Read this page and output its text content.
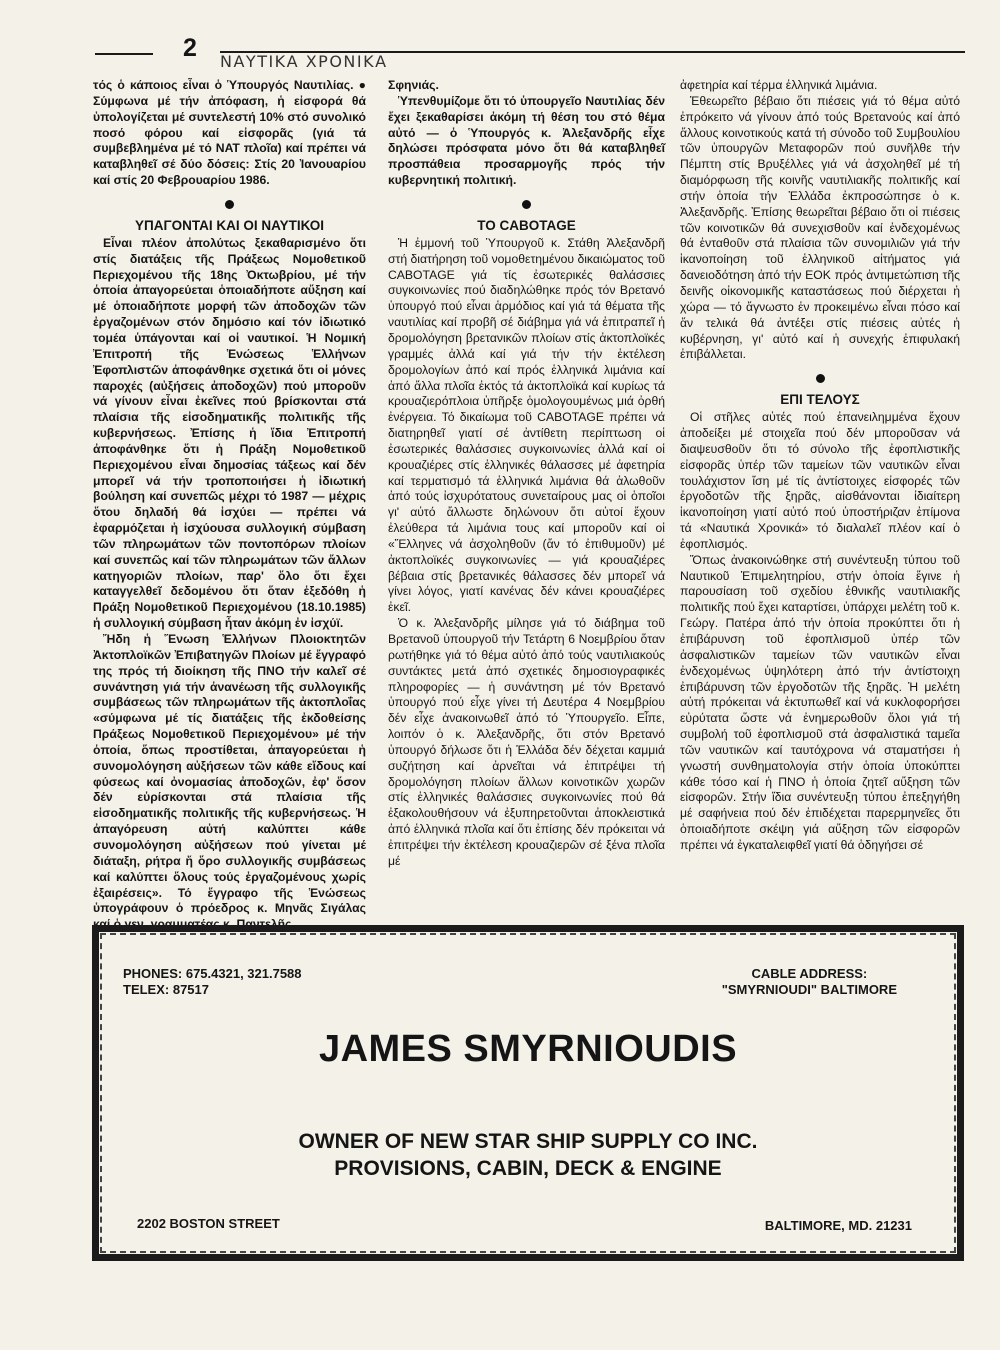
2 ΝΑΥΤΙΚΑ ΧΡΟΝΙΚΑ

τός ὁ κάποιος εἶναι ὁ Ὑπουργός Ναυτιλίας. ● Σύμφωνα μέ τήν ἀπόφαση, ἡ εἰσφορά θά ὑπολογίζεται μέ συντελεστή 10% στό συνολικό ποσό φόρου καί εἰσφορᾶς (γιά τά συμβεβλημένα μέ τό ΝΑΤ πλοῖα) καί πρέπει νά καταβληθεῖ σέ δύο δόσεις: Στίς 20 Ἰανουαρίου καί στίς 20 Φεβρουαρίου 1986.

ΥΠΑΓΟΝΤΑΙ ΚΑΙ ΟΙ ΝΑΥΤΙΚΟΙ

Εἶναι πλέον ἀπολύτως ξεκαθαρισμένο ὅτι στίς διατάξεις τῆς Πράξεως Νομοθετικοῦ Περιεχομένου τῆς 18ης Ὀκτωβρίου, μέ τήν ὁποία ἀπαγορεύεται ὁποιαδήποτε αὔξηση καί μέ ὁποιαδήποτε μορφή τῶν ἀποδοχῶν τῶν ἐργαζομένων στόν δημόσιο καί τόν ἰδιωτικό τομέα ὑπάγονται καί οἱ ναυτικοί. Ἡ Νομική Ἐπιτροπή τῆς Ἑνώσεως Ἑλλήνων Ἐφοπλιστῶν ἀποφάνθηκε σχετικά ὅτι οἱ μόνες παροχές (αὐξήσεις ἀποδοχῶν) πού μποροῦν νά γίνουν εἶναι ἐκεῖνες πού βρίσκονται στά πλαίσια τῆς εἰσοδηματικῆς πολιτικῆς τῆς κυβερνήσεως. Ἐπίσης ἡ ἴδια Ἐπιτροπή ἀποφάνθηκε ὅτι ἡ Πράξη Νομοθετικοῦ Περιεχομένου εἶναι δημοσίας τάξεως καί δέν μπορεῖ νά τήν τροποποιήσει ἡ ἰδιωτική βούληση καί συνεπῶς μέχρι τό 1987 — μέχρις ὅτου δηλαδή θά ἰσχύει — πρέπει νά ἐφαρμόζεται ἡ ἰσχύουσα συλλογική σύμβαση τῶν πληρωμάτων τῶν ποντοπόρων πλοίων καί συνεπῶς καί τῶν πληρωμάτων τῶν ἄλλων κατηγοριῶν πλοίων, παρ' ὅλο ὅτι ἔχει καταγγελθεῖ δεδομένου ὅτι ὅταν ἐξεδόθη ἡ Πράξη Νομοθετικοῦ Περιεχομένου (18.10.1985) ἡ συλλογική σύμβαση ἦταν ἀκόμη ἐν ἰσχύϊ.

Ἤδη ἡ Ἕνωση Ἑλλήνων Πλοιοκτητῶν Ἀκτοπλοϊκῶν Ἐπιβατηγῶν Πλοίων μέ ἔγγραφό της πρός τή διοίκηση τῆς ΠΝΟ τήν καλεῖ σέ συνάντηση γιά τήν ἀνανέωση τῆς συλλογικῆς συμβάσεως τῶν πληρωμάτων τῆς ἀκτοπλοΐας «σύμφωνα μέ τίς διατάξεις τῆς ἐκδοθείσης Πράξεως Νομοθετικοῦ Περιεχομένου» μέ τήν ὁποία, ὅπως προστίθεται, ἀπαγορεύεται ἡ συνομολόγηση αὐξήσεων τῶν κάθε εἴδους καί φύσεως καί ὀνομασίας ἀποδοχῶν, ἐφ' ὅσον δέν εὑρίσκονται στά πλαίσια τῆς εἰσοδηματικῆς πολιτικῆς τῆς κυβερνήσεως. Ἡ ἀπαγόρευση αὐτή καλύπτει κάθε συνομολόγηση αὐξήσεων πού γίνεται μέ διάταξη, ρήτρα ἤ ὅρο συλλογικῆς συμβάσεως καί καλύπτει ὅλους τούς ἐργαζομένους χωρίς ἐξαιρέσεις». Τό ἔγγραφο τῆς Ἑνώσεως ὑπογράφουν ὁ πρόεδρος κ. Μηνᾶς Σιγάλας

Σφηνιάς.

Ὑπενθυμίζομε ὅτι τό ὑπουργεῖο Ναυτιλίας δέν ἔχει ξεκαθαρίσει ἀκόμη τή θέση του στό θέμα αὐτό — ὁ Ὑπουργός κ. Ἀλεξανδρῆς εἶχε δηλώσει πρόσφατα μόνο ὅτι θά καταβληθεῖ προσπάθεια προσαρμογῆς πρός τήν κυβερνητική πολιτική.

ΤΟ CABOTAGE

Ἡ ἐμμονή τοῦ Ὑπουργοῦ κ. Στάθη Ἀλεξανδρῆ στή διατήρηση τοῦ νομοθετημένου δικαιώματος τοῦ CABOTAGE γιά τίς ἐσωτερικές θαλάσσιες συγκοινωνίες πού διαδηλώθηκε πρός τόν Βρετανό ὑπουργό πού εἶναι ἁρμόδιος καί γιά τά θέματα τῆς ναυτιλίας καί προβῆ σέ διάβημα γιά νά ἐπιτραπεῖ ἡ δρομολόγηση βρετανικῶν πλοίων στίς ἀκτοπλοϊκές γραμμές ἀλλά καί γιά τήν τήν ἐκτέλεση δρομολογίων ἀπό καί πρός ἑλληνικά λιμάνια καί ἀπό ἄλλα πλοῖα ἐκτός τά ἀκτοπλοϊκά καί κυρίως τά κρουαζιερόπλοια ὑπῆρξε ὁμολογουμένως μιά ὀρθή ἐνέργεια. Τό δικαίωμα τοῦ CABOTAGE πρέπει νά διατηρηθεῖ γιατί σέ ἀντίθετη περίπτωση οἱ ἐσωτερικές θαλάσσιες συγκοινωνίες ἀλλά καί οἱ κρουαζιέρες στίς ἑλληνικές θάλασσες μέ ἀφετηρία καί τερματισμό τά ἑλληνικά λιμάνια θά ἁλωθοῦν ἀπό τούς ἰσχυρότατους συνεταίρους μας οἱ ὁποῖοι γι' αὐτό ἄλλωστε δηλώνουν ὅτι αὐτοί ἔχουν ἐλεύθερα τά λιμάνια τους καί μποροῦν καί οἱ «Ἕλληνες νά ἀσχοληθοῦν (ἄν τό ἐπιθυμοῦν) μέ ἀκτοπλοϊκές συγκοινωνίες — γιά κρουαζιέρες βέβαια στίς βρετανικές θάλασσες δέν μπορεῖ νά γίνει λόγος, γιατί κανένας δέν κάνει κρουαζιέρες ἐκεῖ.

Ὁ κ. Ἀλεξανδρῆς μίλησε γιά τό διάβημα τοῦ Βρετανοῦ ὑπουργοῦ τήν Τετάρτη 6 Νοεμβρίου ὅταν ρωτήθηκε γιά τό θέμα αὐτό ἀπό τούς ναυτιλιακούς συντάκτες μετά ἀπό σχετικές δημοσιογραφικές πληροφορίες — ἡ συνάντηση μέ τόν Βρετανό ὑπουργό πού εἶχε γίνει τή Δευτέρα 4 Νοεμβρίου δέν εἶχε ἀνακοινωθεῖ ἀπό τό Ὑπουργεῖο. Εἶπε, λοιπόν ὁ κ. Ἀλεξανδρῆς, ὅτι στόν Βρετανό ὑπουργό δήλωσε ὅτι ἡ Ἑλλάδα δέν δέχεται καμμιά συζήτηση καί ἀρνεῖται νά ἐπιτρέψει τή δρομολόγηση πλοίων ἄλλων κοινοτικῶν χωρῶν στίς ἑλληνικές θαλάσσιες συγκοινωνίες πού θά ἐξακολουθήσουν νά ἐξυπηρετοῦνται ἀποκλειστικά ἀπό ἑλληνικά πλοῖα καί ὅτι ἐπίσης δέν πρόκειται νά ἐπιτρέψει τήν ἐκτέλεση κρουαζιερῶν σέ ξένα πλοῖα μέ

ἀφετηρία καί τέρμα ἑλληνικά λιμάνια.

Ἐθεωρεῖτο βέβαιο ὅτι πιέσεις γιά τό θέμα αὐτό ἐπρόκειτο νά γίνουν ἀπό τούς Βρετανούς καί ἀπό ἄλλους κοινοτικούς κατά τή σύνοδο τοῦ Συμβουλίου τῶν ὑπουργῶν Μεταφορῶν πού συνῆλθε τήν Πέμπτη στίς Βρυξέλλες γιά νά ἀσχοληθεῖ μέ τή διαμόρφωση τῆς κοινῆς ναυτιλιακῆς πολιτικῆς καί στήν ὁποία τήν Ἑλλάδα ἐκπροσώπησε ὁ κ. Ἀλεξανδρῆς. Ἐπίσης θεωρεῖται βέβαιο ὅτι οἱ πιέσεις τῶν κοινοτικῶν θά συνεχισθοῦν καί ἐνδεχομένως θά ἐνταθοῦν στά πλαίσια τῶν συνομιλιῶν γιά τήν ἱκανοποίηση τοῦ ἑλληνικοῦ αἰτήματος γιά δανειοδότηση ἀπό τήν ΕΟΚ πρός ἀντιμετώπιση τῆς δεινῆς οἰκονομικῆς καταστάσεως πού διέρχεται ἡ χώρα — τό ἄγνωστο ἐν προκειμένω εἶναι πόσο καί ἄν τελικά θά ἀντέξει στίς πιέσεις αὐτές ἡ κυβέρνηση, γι' αὐτό καί ἡ συνεχής ἐπιφυλακή ἐπιβάλλεται.

ΕΠΙ ΤΕΛΟΥΣ

Οἱ στῆλες αὐτές πού ἐπανειλημμένα ἔχουν ἀποδείξει μέ στοιχεῖα πού δέν μποροῦσαν νά διαψευσθοῦν ὅτι τό σύνολο τῆς ἐφοπλιστικῆς εἰσφορᾶς ὑπέρ τῶν ταμείων τῶν ναυτικῶν εἶναι τουλάχιστον ἴση μέ τίς ἀντίστοιχες εἰσφορές τῶν ἐργοδοτῶν τῆς ξηρᾶς, αἰσθάνονται ἰδιαίτερη ἱκανοποίηση γιατί αὐτό πού ὑποστήριζαν ἐπίμονα τά «Ναυτικά Χρονικά» τό διαλαλεῖ πλέον καί ὁ ἐφοπλισμός.

Ὅπως ἀνακοινώθηκε στή συνέντευξη τύπου τοῦ Ναυτικοῦ Ἐπιμελητηρίου, στήν ὁποία ἔγινε ἡ παρουσίαση τοῦ σχεδίου ἐθνικῆς ναυτιλιακῆς πολιτικῆς πού ἔχει καταρτίσει, ὑπάρχει μελέτη τοῦ κ. Γεώργ. Πατέρα ἀπό τήν ὁποία προκύπτει ὅτι ἡ ἐπιβάρυνση τοῦ ἐφοπλισμοῦ ὑπέρ τῶν ἀσφαλιστικῶν ταμείων τῶν ναυτικῶν εἶναι ἐνδεχομένως ὑψηλότερη ἀπό τήν ἀντίστοιχη ἐπιβάρυνση τῶν ἐργοδοτῶν τῆς ξηρᾶς. Ἡ μελέτη αὐτή πρόκειται νά ἐκτυπωθεῖ καί νά κυκλοφορήσει εὐρύτατα ὥστε νά ἐνημερωθοῦν ὅλοι γιά τή συμβολή τοῦ ἐφοπλισμοῦ στά ἀσφαλιστικά ταμεῖα τῶν ναυτικῶν καί ταυτόχρονα νά σταματήσει ἡ γνωστή συνθηματολογία στήν ὁποία ὑποκύπτει κάθε τόσο καί ἡ ΠΝΟ ἡ ὁποία ζητεῖ αὔξηση τῶν εἰσφορῶν. Στήν ἴδια συνέντευξη τύπου ἐπεξηγήθη μέ σαφήνεια πού δέν ἐπιδέχεται παρερμηνεῖες ὅτι ὁποιαδήποτε σκέψη γιά αὔξηση τῶν εἰσφορῶν πρέπει νά ἐγκαταλειφθεῖ γιατί θά ὁδηγήσει σέ

PHONES: 675.4321, 321.7588
TELEX: 87517
CABLE ADDRESS:
"SMYRNIOUDI" BALTIMORE
JAMES SMYRNIOUDIS
OWNER OF NEW STAR SHIP SUPPLY CO INC.
PROVISIONS, CABIN, DECK & ENGINE
2202 BOSTON STREET	BALTIMORE, MD. 21231
